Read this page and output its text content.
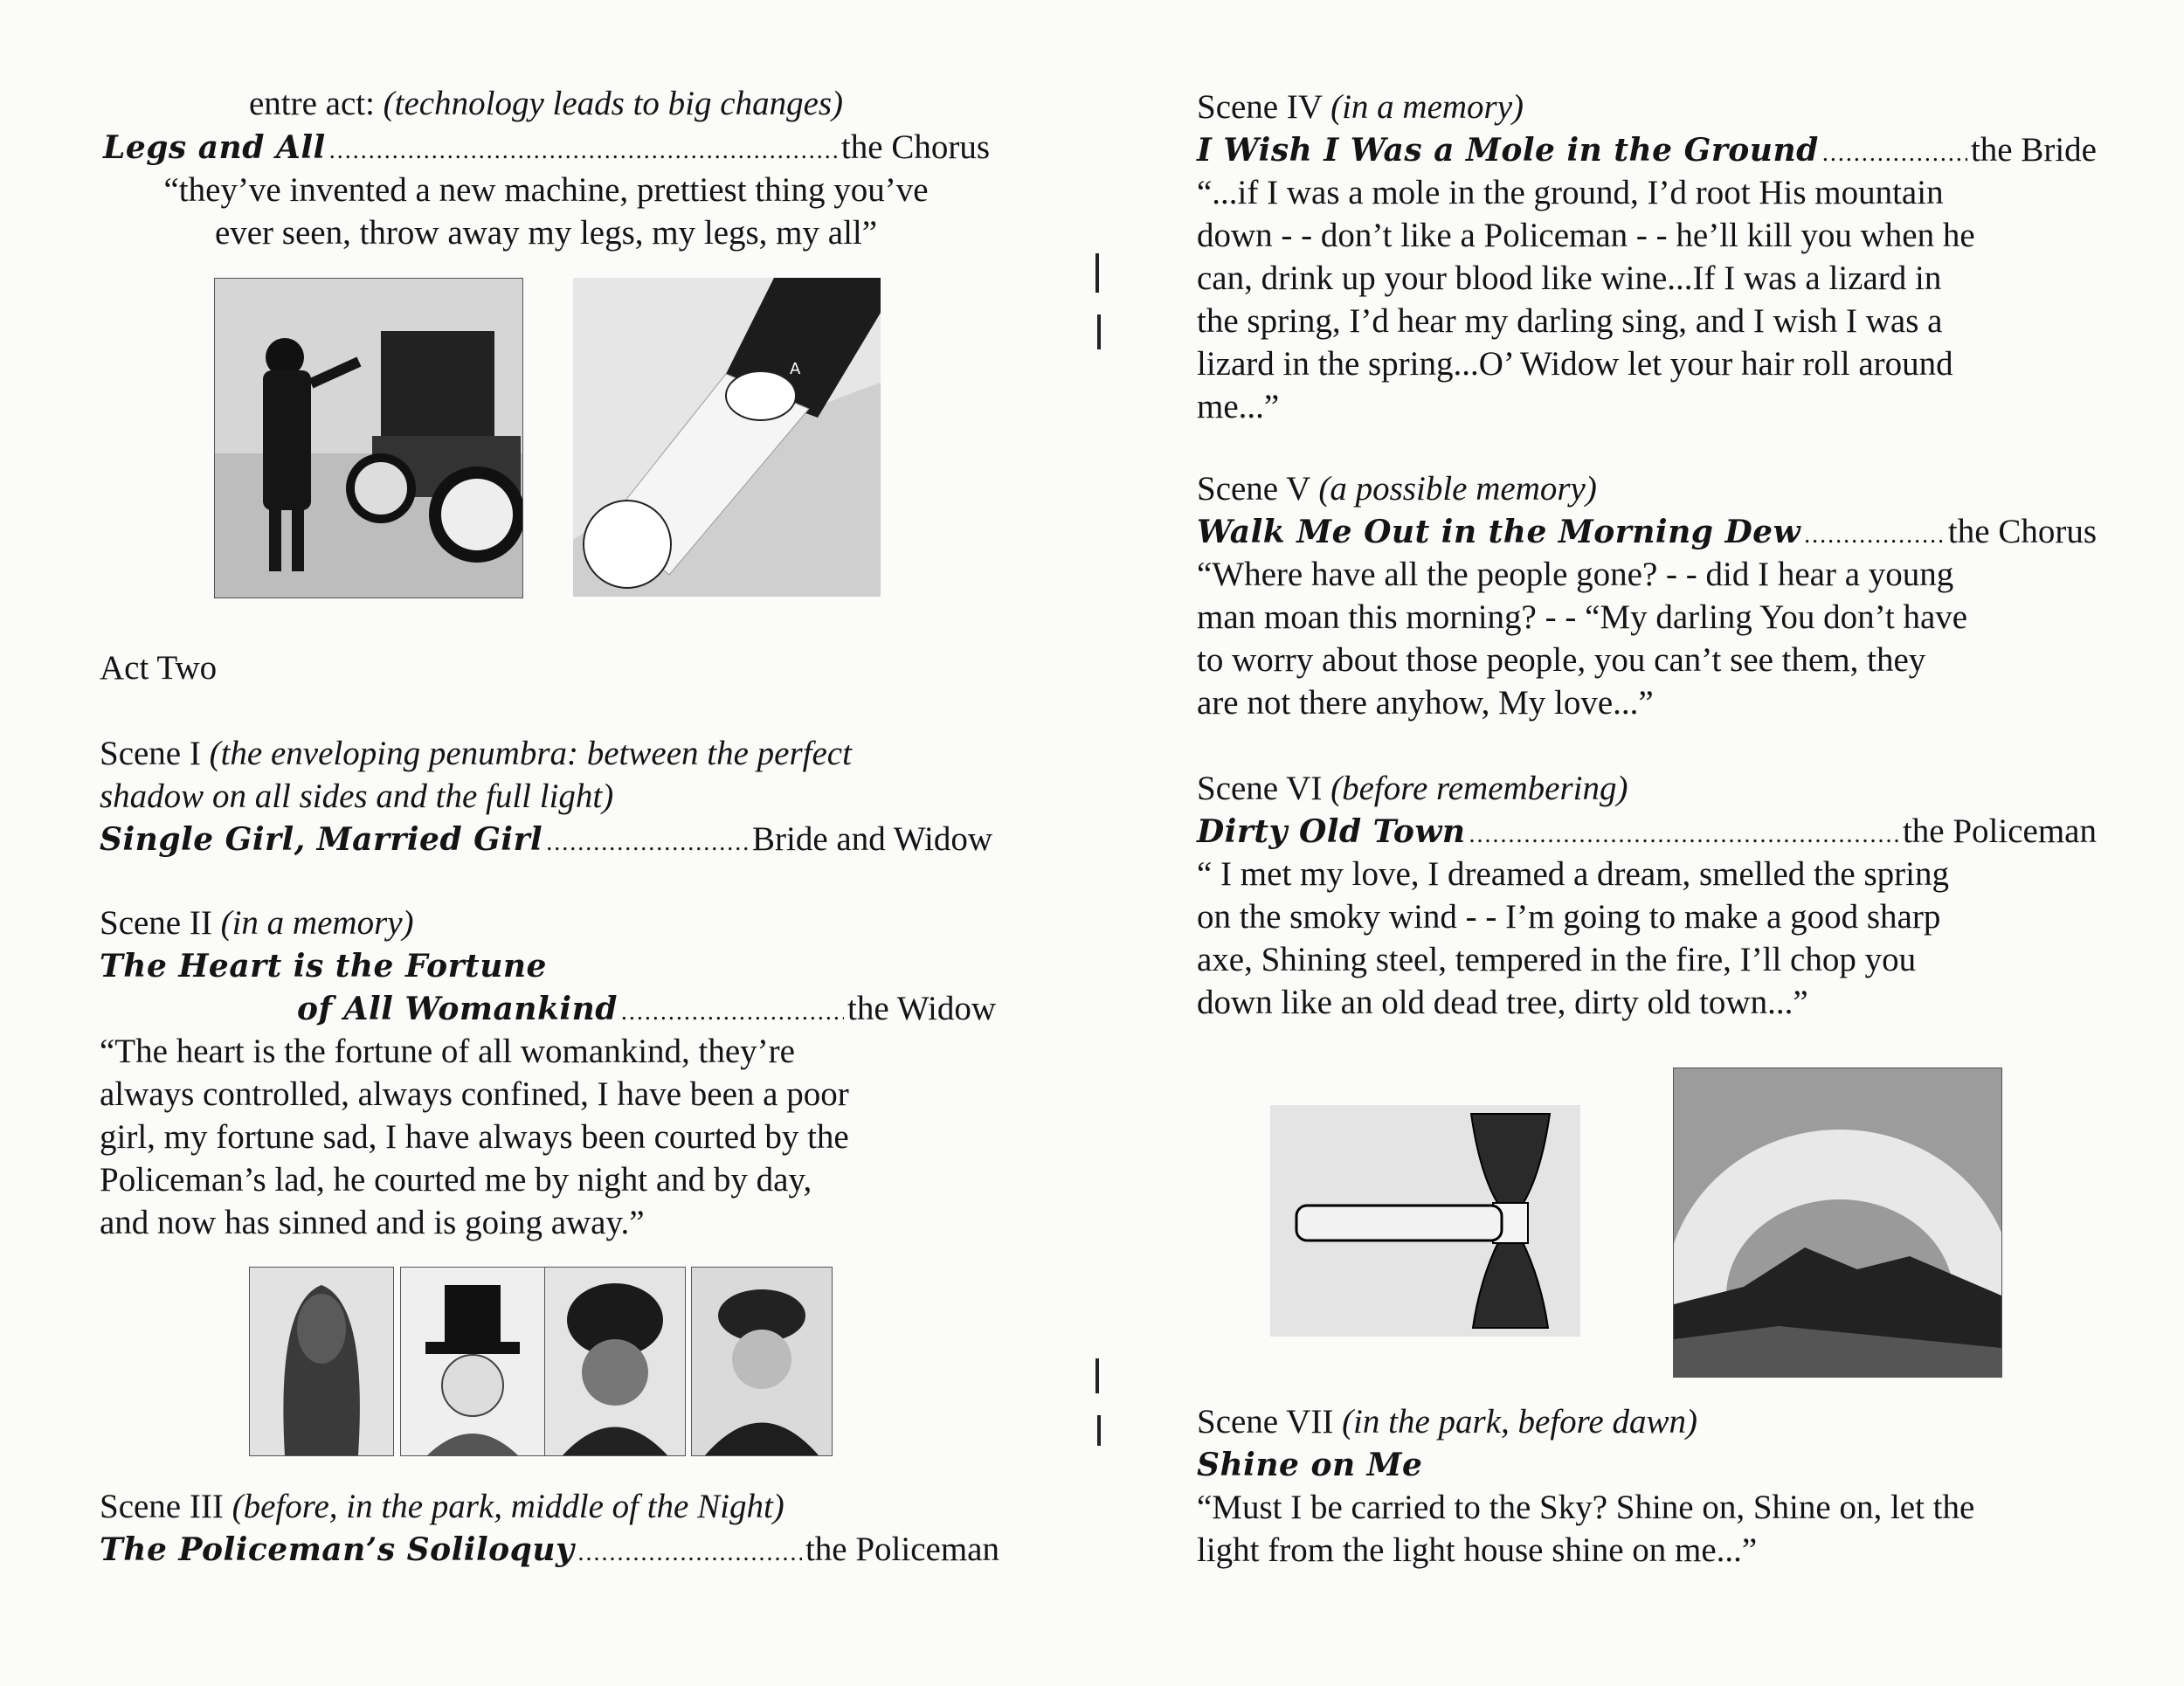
entre act: (technology leads to big changes)
Legs and All .....	the Chorus
“they’ve invented a new machine, prettiest thing you’ve
ever seen, throw away my legs, my legs, my all”
A
Act Two
Scene I (the enveloping penumbra: between the perfect
shadow on all sides and the full light)
Single Girl, Married Girl .....	Bride and Widow
Scene II (in a memory)
The Heart is the Fortune
of All Womankind .....	the Widow
“The heart is the fortune of all womankind, they’re
always controlled, always confined, I have been a poor
girl, my fortune sad, I have always been courted by the
Policeman’s lad, he courted me by night and by day,
and now has sinned and is going away.”
Scene III (before, in the park, middle of the Night)
The Policeman’s Soliloquy .....	the Policeman
Scene IV (in a memory)
I Wish I Was a Mole in the Ground .....	the Bride
“...if I was a mole in the ground, I’d root His mountain
down - - don’t like a Policeman - - he’ll kill you when he
can, drink up your blood like wine...If I was a lizard in
the spring, I’d hear my darling sing, and I wish I was a
lizard in the spring...O’ Widow let your hair roll around
me...”
Scene V (a possible memory)
Walk Me Out in the Morning Dew .....	the Chorus
“Where have all the people gone? - - did I hear a young
man moan this morning? - - “My darling You don’t have
to worry about those people, you can’t see them, they
are not there anyhow, My love...”
Scene VI (before remembering)
Dirty Old Town .....	the Policeman
“ I met my love, I dreamed a dream, smelled the spring
on the smoky wind - - I’m going to make a good sharp
axe, Shining steel, tempered in the fire, I’ll chop you
down like an old dead tree, dirty old town...”
Scene VII (in the park, before dawn)
Shine on Me
“Must I be carried to the Sky? Shine on, Shine on, let the
light from the light house shine on me...”
